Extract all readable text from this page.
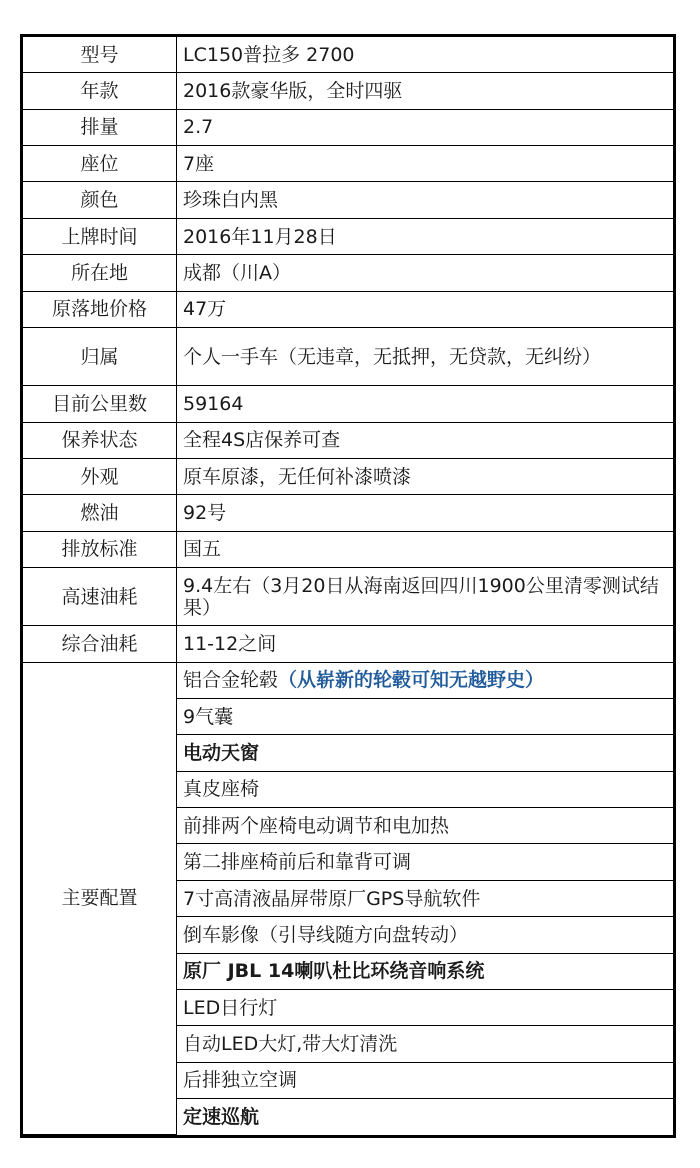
型号	LC150普拉多 2700
年款	2016款豪华版，全时四驱
排量	2.7
座位	7座
颜色	珍珠白内黑
上牌时间	2016年11月28日
所在地	成都（川A）
原落地价格	47万
归属	个人一手车（无违章，无抵押，无贷款，无纠纷）
目前公里数	59164
保养状态	全程4S店保养可查
外观	原车原漆，无任何补漆喷漆
燃油	92号
排放标准	国五
高速油耗	9.4左右（3月20日从海南返回四川1900公里清零测试结果）
综合油耗	11-12之间
主要配置	铝合金轮毂（从崭新的轮毂可知无越野史）
	9气囊
	电动天窗
	真皮座椅
	前排两个座椅电动调节和电加热
	第二排座椅前后和靠背可调
	7寸高清液晶屏带原厂GPS导航软件
	倒车影像（引导线随方向盘转动）
	原厂 JBL 14喇叭杜比环绕音响系统
	LED日行灯
	自动LED大灯,带大灯清洗
	后排独立空调
	定速巡航
